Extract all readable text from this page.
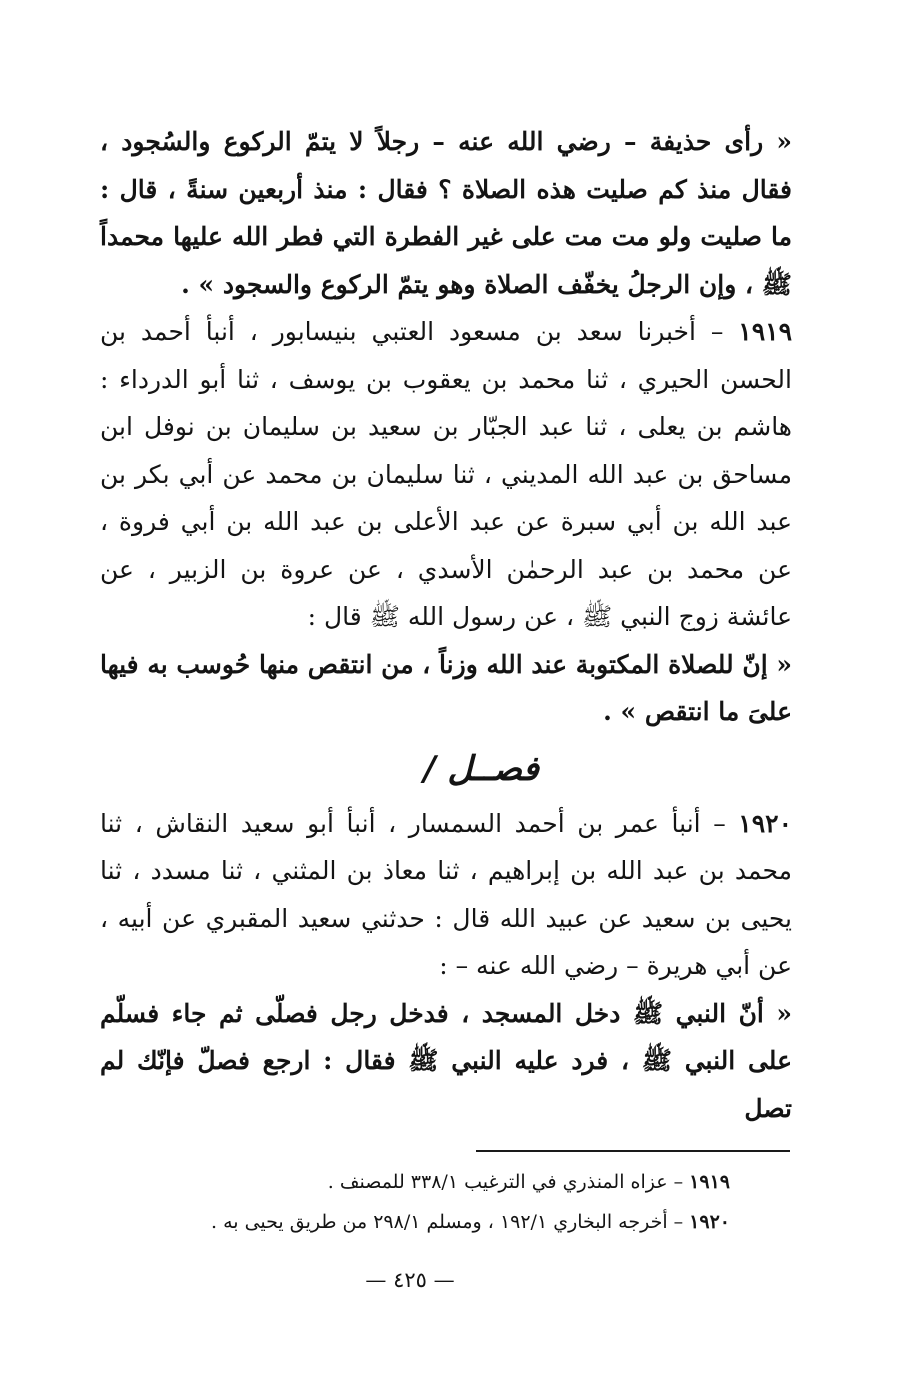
« رأى حذيفة – رضي الله عنه – رجلاً لا يتمّ الركوع والسُجود ، فقال منذ كم صليت هذه الصلاة ؟ فقال : منذ أربعين سنةً ، قال : ما صليت ولو مت مت على غير الفطرة التي فطر الله عليها محمداً ﷺ ، وإن الرجلُ يخفّف الصلاة وهو يتمّ الركوع والسجود » .

١٩١٩ – أخبرنا سعد بن مسعود العتبي بنيسابور ، أنبأ أحمد بن الحسن الحيري ، ثنا محمد بن يعقوب بن يوسف ، ثنا أبو الدرداء : هاشم بن يعلى ، ثنا عبد الجبّار بن سعيد بن سليمان بن نوفل ابن مساحق بن عبد الله المديني ، ثنا سليمان بن محمد عن أبي بكر بن عبد الله بن أبي سبرة عن عبد الأعلى بن عبد الله بن أبي فروة ، عن محمد بن عبد الرحمٰن الأسدي ، عن عروة بن الزبير ، عن عائشة زوج النبي ﷺ ، عن رسول الله ﷺ قال :

« إنّ للصلاة المكتوبة عند الله وزناً ، من انتقص منها حُوسب به فيها علىَ ما انتقص » .

فصــل /

١٩٢٠ – أنبأ عمر بن أحمد السمسار ، أنبأ أبو سعيد النقاش ، ثنا محمد بن عبد الله بن إبراهيم ، ثنا معاذ بن المثني ، ثنا مسدد ، ثنا يحيى بن سعيد عن عبيد الله قال : حدثني سعيد المقبري عن أبيه ، عن أبي هريرة – رضي الله عنه – :

« أنّ النبي ﷺ دخل المسجد ، فدخل رجل فصلّى ثم جاء فسلّم على النبي ﷺ ، فرد عليه النبي ﷺ فقال : ارجع فصلّ فإنّك لم تصل

١٩١٩ – عزاه المنذري في الترغيب ٣٣٨/١ للمصنف .

١٩٢٠ – أخرجه البخاري ١٩٢/١ ، ومسلم ٢٩٨/١ من طريق يحيى به .

— ٤٢٥ —
